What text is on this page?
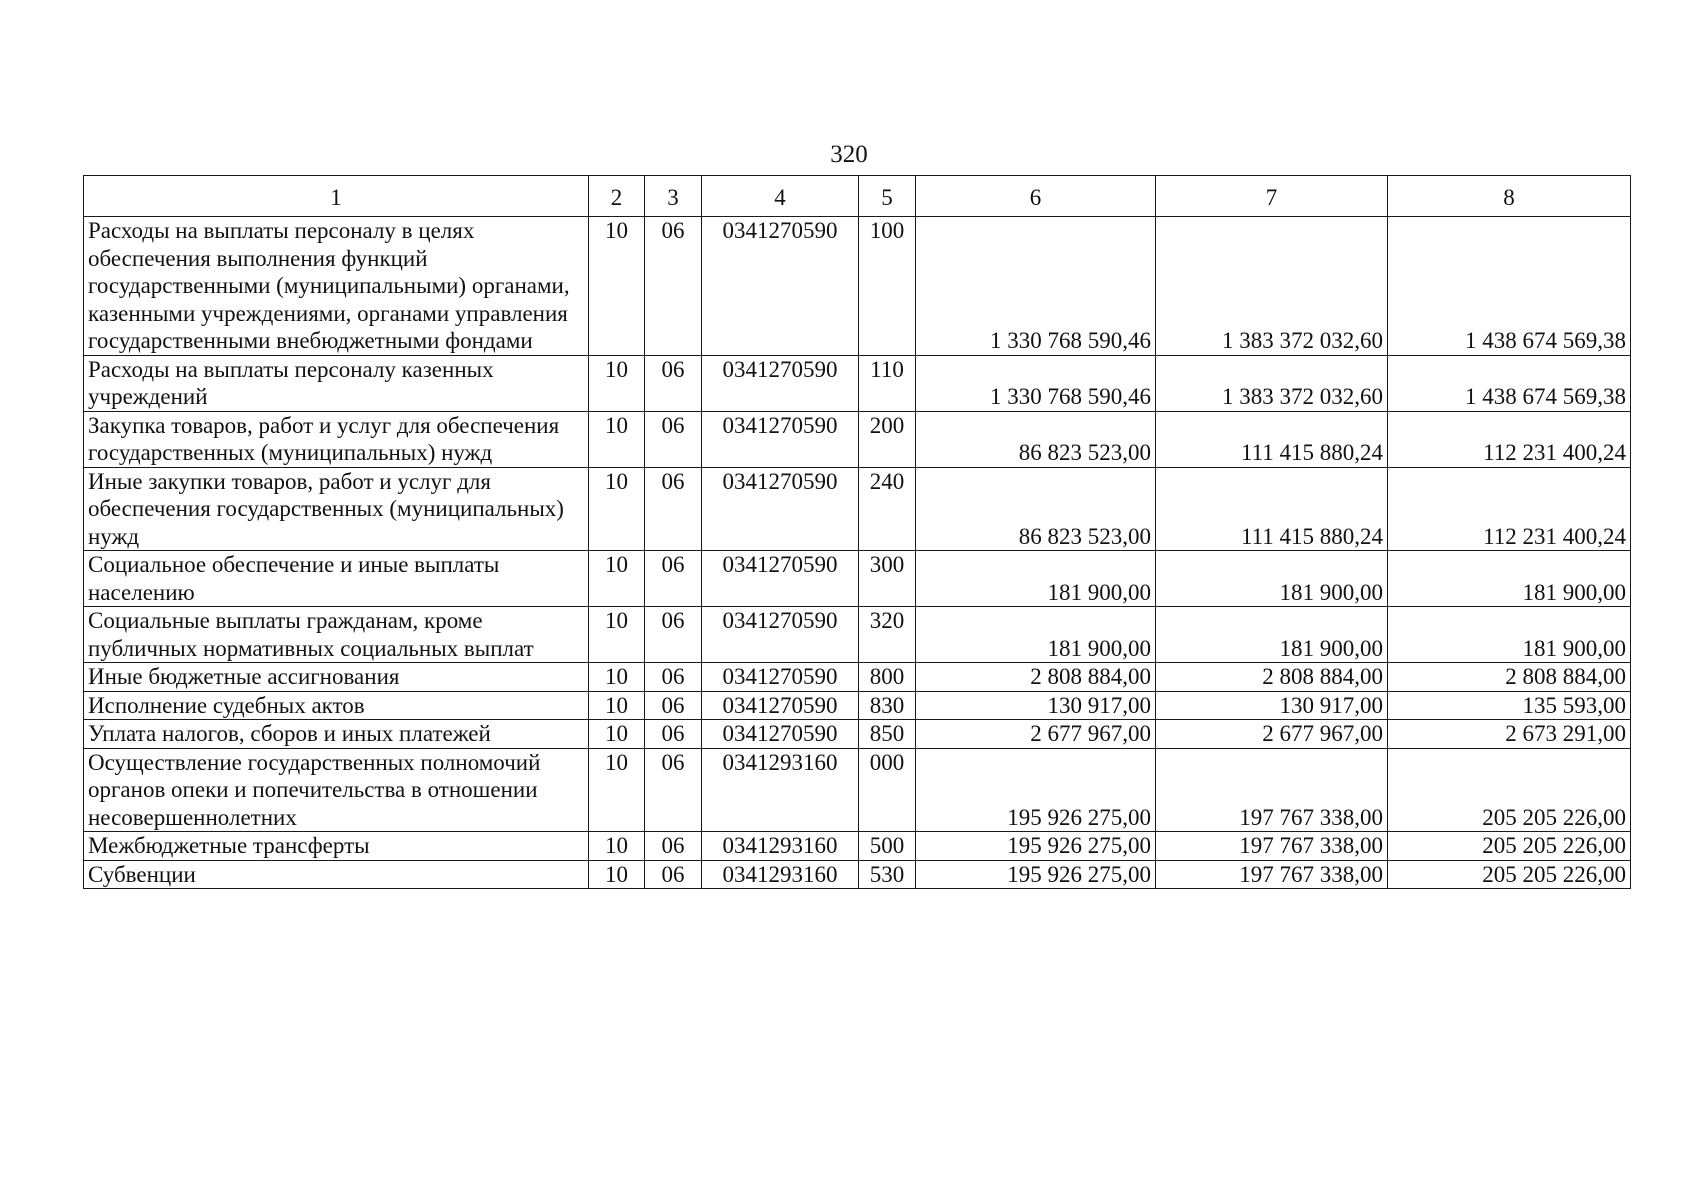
320
1	2	3	4	5	6	7	8
Расходы на выплаты персоналу в целях обеспечения выполнения функций государственными (муниципальными) органами, казенными учреждениями, органами управления государственными внебюджетными фондами	10	06	0341270590	100	1 330 768 590,46	1 383 372 032,60	1 438 674 569,38
Расходы на выплаты персоналу казенных учреждений	10	06	0341270590	110	1 330 768 590,46	1 383 372 032,60	1 438 674 569,38
Закупка товаров, работ и услуг для обеспечения государственных (муниципальных) нужд	10	06	0341270590	200	86 823 523,00	111 415 880,24	112 231 400,24
Иные закупки товаров, работ и услуг для обеспечения государственных (муниципальных) нужд	10	06	0341270590	240	86 823 523,00	111 415 880,24	112 231 400,24
Социальное обеспечение и иные выплаты населению	10	06	0341270590	300	181 900,00	181 900,00	181 900,00
Социальные выплаты гражданам, кроме публичных нормативных социальных выплат	10	06	0341270590	320	181 900,00	181 900,00	181 900,00
Иные бюджетные ассигнования	10	06	0341270590	800	2 808 884,00	2 808 884,00	2 808 884,00
Исполнение судебных актов	10	06	0341270590	830	130 917,00	130 917,00	135 593,00
Уплата налогов, сборов и иных платежей	10	06	0341270590	850	2 677 967,00	2 677 967,00	2 673 291,00
Осуществление государственных полномочий органов опеки и попечительства в отношении несовершеннолетних	10	06	0341293160	000	195 926 275,00	197 767 338,00	205 205 226,00
Межбюджетные трансферты	10	06	0341293160	500	195 926 275,00	197 767 338,00	205 205 226,00
Субвенции	10	06	0341293160	530	195 926 275,00	197 767 338,00	205 205 226,00
